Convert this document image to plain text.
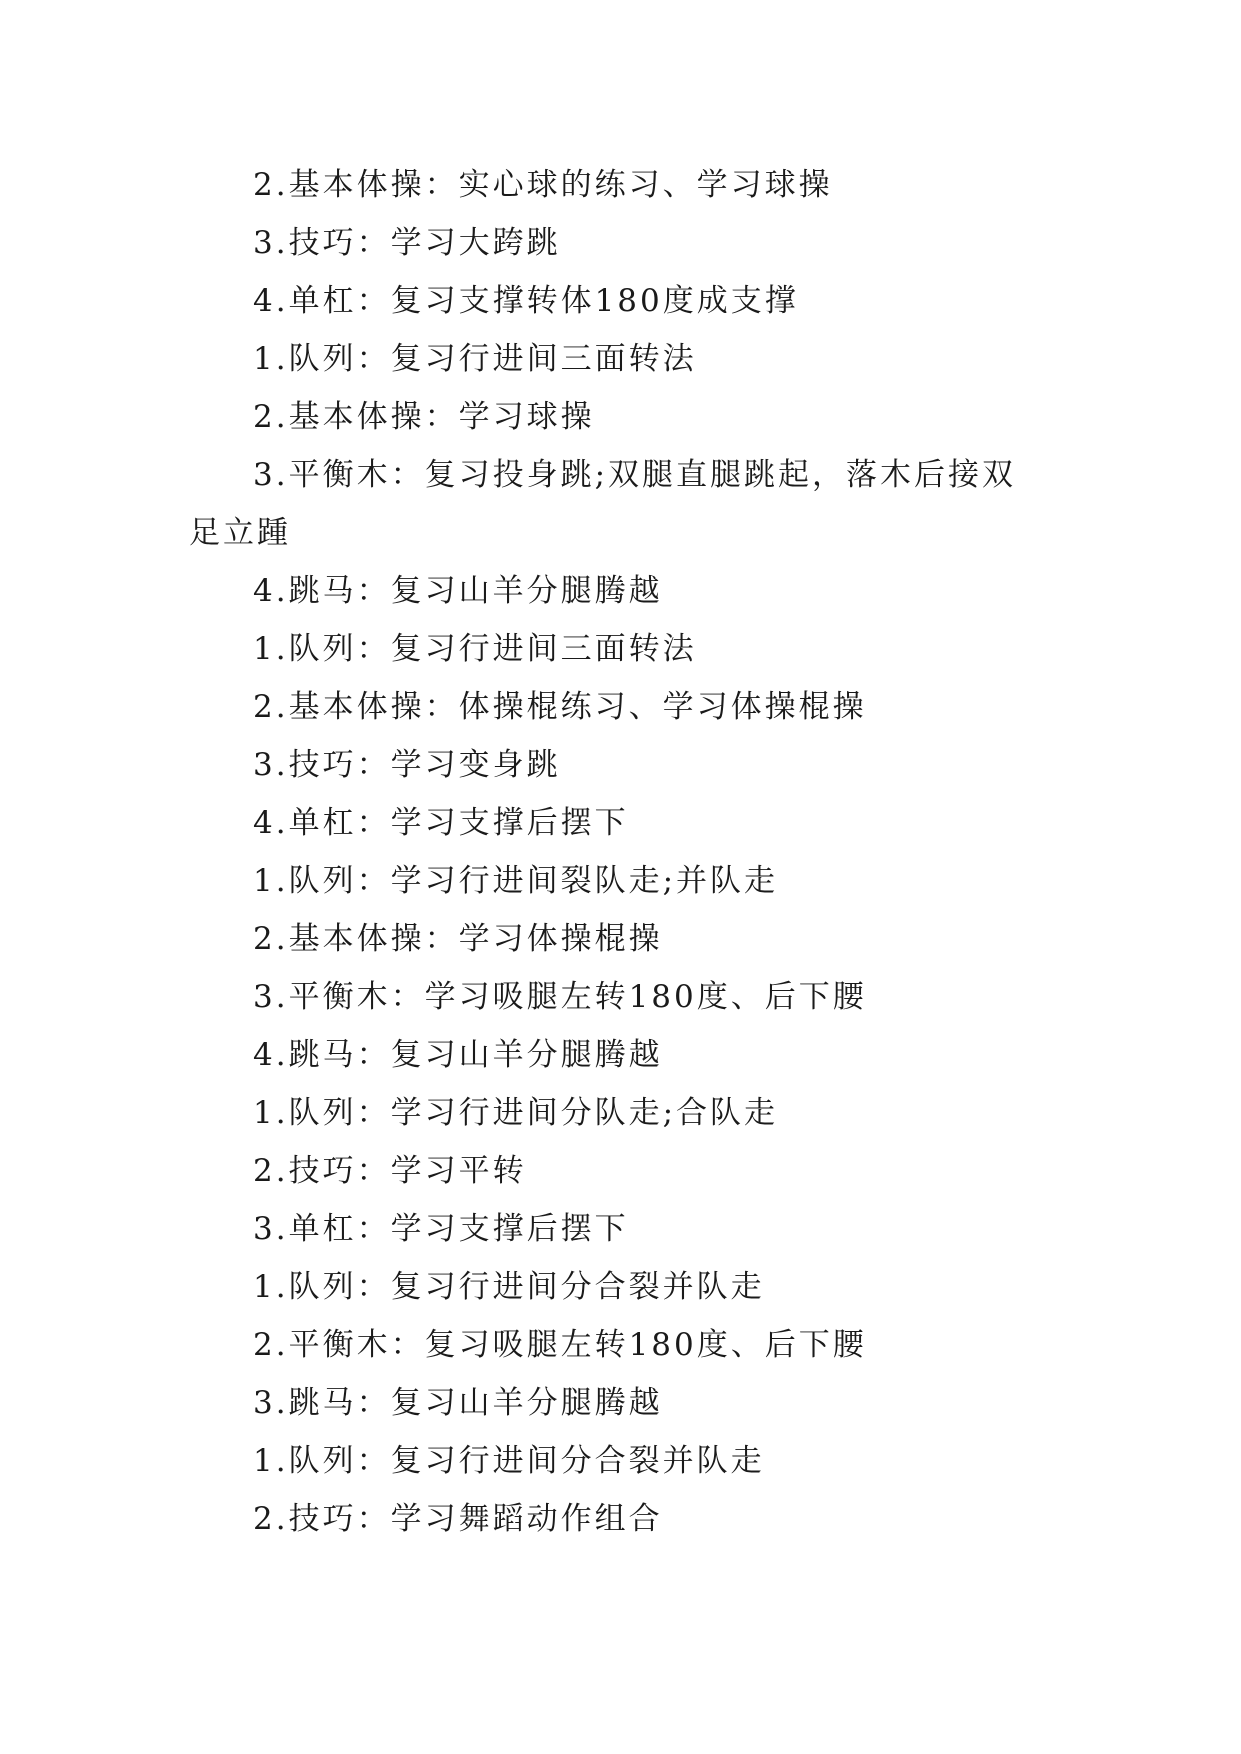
2.基本体操：实心球的练习、学习球操

3.技巧：学习大跨跳

4.单杠：复习支撑转体180度成支撑

1.队列：复习行进间三面转法

2.基本体操：学习球操

3.平衡木：复习投身跳;双腿直腿跳起，落木后接双足立踵

4.跳马：复习山羊分腿腾越

1.队列：复习行进间三面转法

2.基本体操：体操棍练习、学习体操棍操

3.技巧：学习变身跳

4.单杠：学习支撑后摆下

1.队列：学习行进间裂队走;并队走

2.基本体操：学习体操棍操

3.平衡木：学习吸腿左转180度、后下腰

4.跳马：复习山羊分腿腾越

1.队列：学习行进间分队走;合队走

2.技巧：学习平转

3.单杠：学习支撑后摆下

1.队列：复习行进间分合裂并队走

2.平衡木：复习吸腿左转180度、后下腰

3.跳马：复习山羊分腿腾越

1.队列：复习行进间分合裂并队走

2.技巧：学习舞蹈动作组合
